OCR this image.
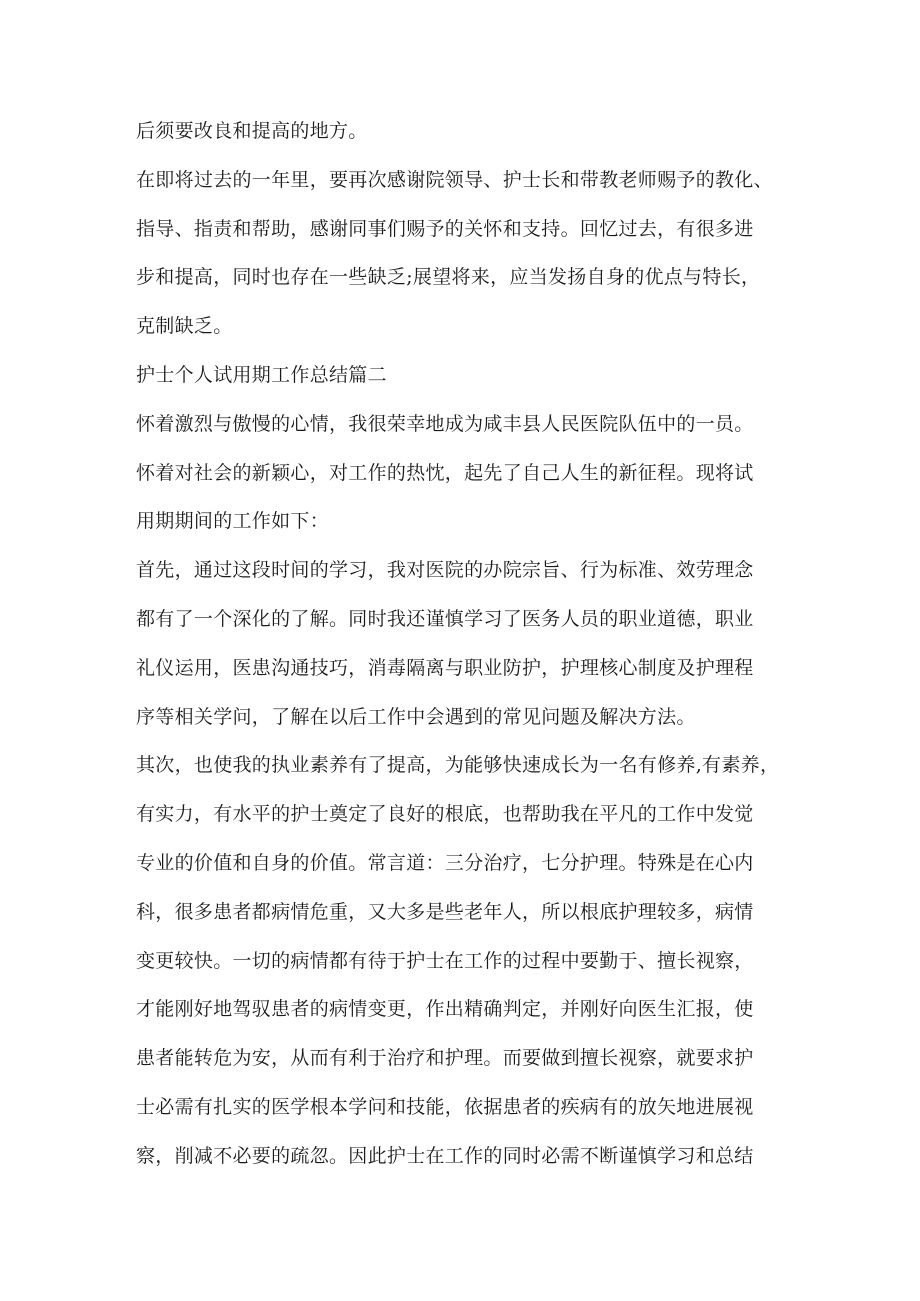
后须要改良和提高的地方。
在即将过去的一年里，要再次感谢院领导、护士长和带教老师赐予的教化、
指导、指责和帮助，感谢同事们赐予的关怀和支持。回忆过去，有很多进
步和提高，同时也存在一些缺乏;展望将来，应当发扬自身的优点与特长，
克制缺乏。
护士个人试用期工作总结篇二
怀着激烈与傲慢的心情，我很荣幸地成为咸丰县人民医院队伍中的一员。
怀着对社会的新颖心，对工作的热忱，起先了自己人生的新征程。现将试
用期期间的工作如下：
首先，通过这段时间的学习，我对医院的办院宗旨、行为标准、效劳理念
都有了一个深化的了解。同时我还谨慎学习了医务人员的职业道德，职业
礼仪运用，医患沟通技巧，消毒隔离与职业防护，护理核心制度及护理程
序等相关学问，了解在以后工作中会遇到的常见问题及解决方法。
其次，也使我的执业素养有了提高，为能够快速成长为一名有修养,有素养，
有实力，有水平的护士奠定了良好的根底，也帮助我在平凡的工作中发觉
专业的价值和自身的价值。常言道：三分治疗，七分护理。特殊是在心内
科，很多患者都病情危重，又大多是些老年人，所以根底护理较多，病情
变更较快。一切的病情都有待于护士在工作的过程中要勤于、擅长视察，
才能刚好地驾驭患者的病情变更，作出精确判定，并刚好向医生汇报，使
患者能转危为安，从而有利于治疗和护理。而要做到擅长视察，就要求护
士必需有扎实的医学根本学问和技能，依据患者的疾病有的放矢地进展视
察，削减不必要的疏忽。因此护士在工作的同时必需不断谨慎学习和总结
